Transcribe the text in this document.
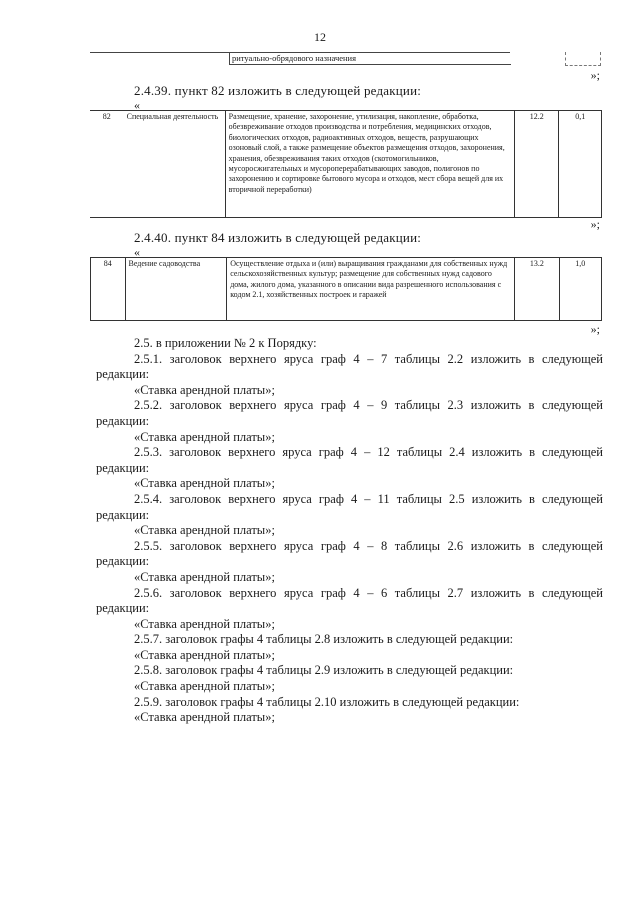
12
ритуально-обрядового назначения
»;
2.4.39. пункт 82 изложить в следующей редакции:
«
82	Специальная деятельность	Размещение, хранение, захоронение, утилизация, накопление, обработка, обезвреживание отходов производства и потребления, медицинских отходов, биологических отходов, радиоактивных отходов, веществ, разрушающих озоновый слой, а также размещение объектов размещения отходов, захоронения, хранения, обезвреживания таких отходов (скотомогильников, мусоросжигательных и мусороперерабатывающих заводов, полигонов по захоронению и сортировке бытового мусора и отходов, мест сбора вещей для их вторичной переработки)	12.2	0,1
»;
2.4.40. пункт 84 изложить в следующей редакции:
«
84	Ведение садоводства	Осуществление отдыха и (или) выращивания гражданами для собственных нужд сельскохозяйственных культур; размещение для собственных нужд садового дома, жилого дома, указанного в описании вида разрешенного использования с кодом 2.1, хозяйственных построек и гаражей	13.2	1,0
»;

2.5. в приложении № 2 к Порядку:

2.5.1. заголовок верхнего яруса граф 4 – 7 таблицы 2.2 изложить в следующей редакции:

«Ставка арендной платы»;

2.5.2. заголовок верхнего яруса граф 4 – 9 таблицы 2.3 изложить в следующей редакции:

«Ставка арендной платы»;

2.5.3. заголовок верхнего яруса граф 4 – 12 таблицы 2.4 изложить в следующей редакции:

«Ставка арендной платы»;

2.5.4. заголовок верхнего яруса граф 4 – 11 таблицы 2.5 изложить в следующей редакции:

«Ставка арендной платы»;

2.5.5. заголовок верхнего яруса граф 4 – 8 таблицы 2.6 изложить в следующей редакции:

«Ставка арендной платы»;

2.5.6. заголовок верхнего яруса граф 4 – 6 таблицы 2.7 изложить в следующей редакции:

«Ставка арендной платы»;

2.5.7. заголовок графы 4 таблицы 2.8 изложить в следующей редакции:

«Ставка арендной платы»;

2.5.8. заголовок графы 4 таблицы 2.9 изложить в следующей редакции:

«Ставка арендной платы»;

2.5.9. заголовок графы 4 таблицы 2.10 изложить в следующей редакции:

«Ставка арендной платы»;
